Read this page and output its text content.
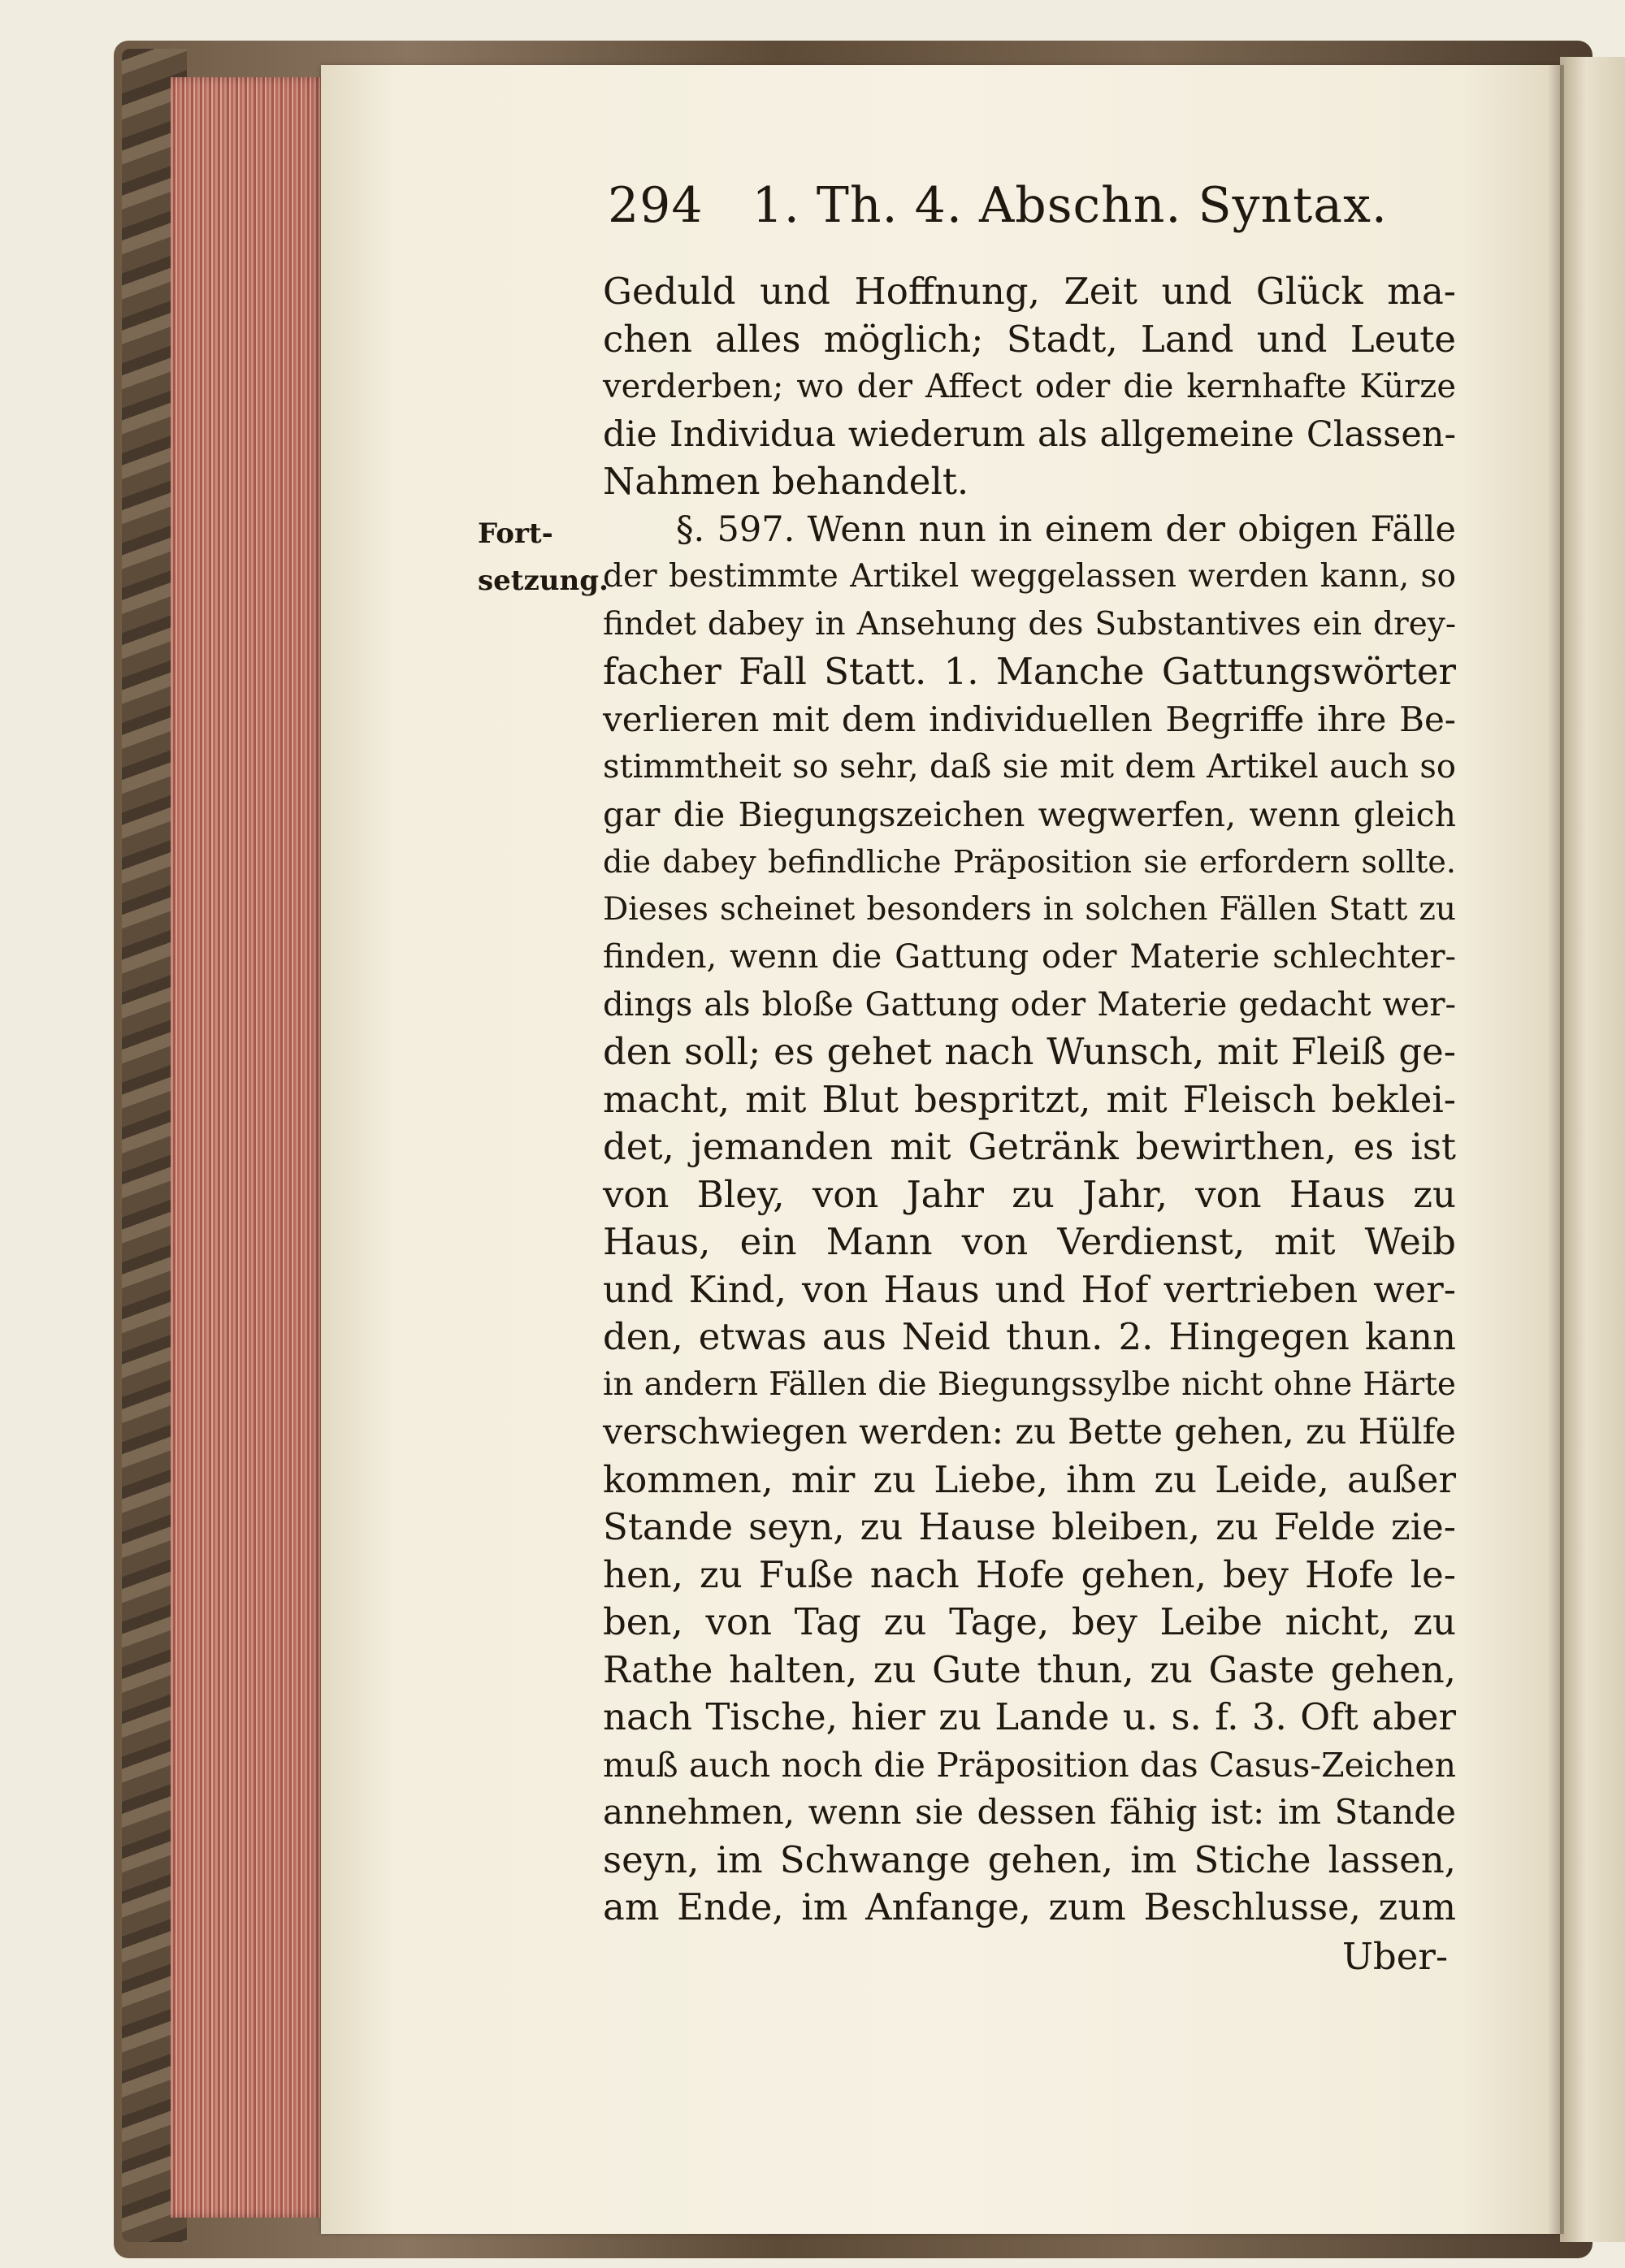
294 1. Th. 4. Abschn. Syntax.
Fort-
setzung.
Geduld und Hoffnung, Zeit und Glück ma-
chen alles möglich; Stadt, Land und Leute
verderben; wo der Affect oder die kernhafte Kürze
die Individua wiederum als allgemeine Classen-
Nahmen behandelt.
§. 597. Wenn nun in einem der obigen Fälle
der bestimmte Artikel weggelassen werden kann, so
findet dabey in Ansehung des Substantives ein drey-
facher Fall Statt. 1. Manche Gattungswörter
verlieren mit dem individuellen Begriffe ihre Be-
stimmtheit so sehr, daß sie mit dem Artikel auch so
gar die Biegungszeichen wegwerfen, wenn gleich
die dabey befindliche Präposition sie erfordern sollte.
Dieses scheinet besonders in solchen Fällen Statt zu
finden, wenn die Gattung oder Materie schlechter-
dings als bloße Gattung oder Materie gedacht wer-
den soll; es gehet nach Wunsch, mit Fleiß ge-
macht, mit Blut bespritzt, mit Fleisch beklei-
det, jemanden mit Getränk bewirthen, es ist
von Bley, von Jahr zu Jahr, von Haus zu
Haus, ein Mann von Verdienst, mit Weib
und Kind, von Haus und Hof vertrieben wer-
den, etwas aus Neid thun. 2. Hingegen kann
in andern Fällen die Biegungssylbe nicht ohne Härte
verschwiegen werden: zu Bette gehen, zu Hülfe
kommen, mir zu Liebe, ihm zu Leide, außer
Stande seyn, zu Hause bleiben, zu Felde zie-
hen, zu Fuße nach Hofe gehen, bey Hofe le-
ben, von Tag zu Tage, bey Leibe nicht, zu
Rathe halten, zu Gute thun, zu Gaste gehen,
nach Tische, hier zu Lande u. s. f. 3. Oft aber
muß auch noch die Präposition das Casus-Zeichen
annehmen, wenn sie dessen fähig ist: im Stande
seyn, im Schwange gehen, im Stiche lassen,
am Ende, im Anfange, zum Beschlusse, zum
Uber-
